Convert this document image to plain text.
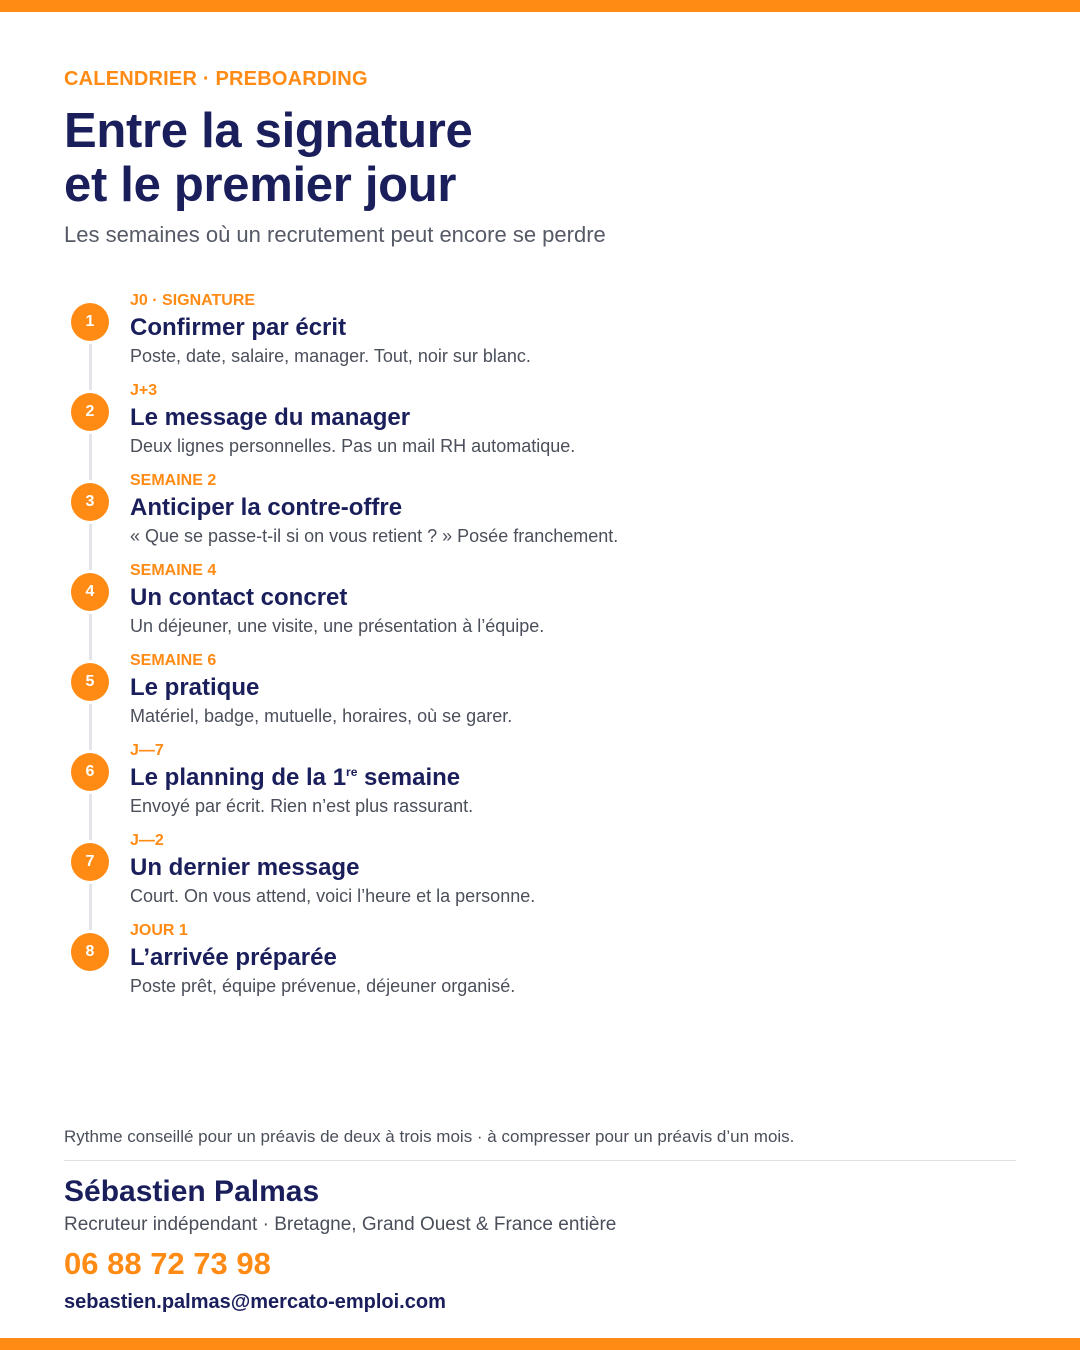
CALENDRIER · PREBOARDING
Entre la signature
et le premier jour
Les semaines où un recrutement peut encore se perdre
1
J0 · SIGNATURE
Confirmer par écrit
Poste, date, salaire, manager. Tout, noir sur blanc.
2
J+3
Le message du manager
Deux lignes personnelles. Pas un mail RH automatique.
3
SEMAINE 2
Anticiper la contre-offre
« Que se passe-t-il si on vous retient ? » Posée franchement.
4
SEMAINE 4
Un contact concret
Un déjeuner, une visite, une présentation à l’équipe.
5
SEMAINE 6
Le pratique
Matériel, badge, mutuelle, horaires, où se garer.
6
J—7
Le planning de la 1re semaine
Envoyé par écrit. Rien n’est plus rassurant.
7
J—2
Un dernier message
Court. On vous attend, voici l’heure et la personne.
8
JOUR 1
L’arrivée préparée
Poste prêt, équipe prévenue, déjeuner organisé.
Rythme conseillé pour un préavis de deux à trois mois · à compresser pour un préavis d’un mois.
Sébastien Palmas
Recruteur indépendant · Bretagne, Grand Ouest & France entière
06 88 72 73 98
sebastien.palmas@mercato-emploi.com
